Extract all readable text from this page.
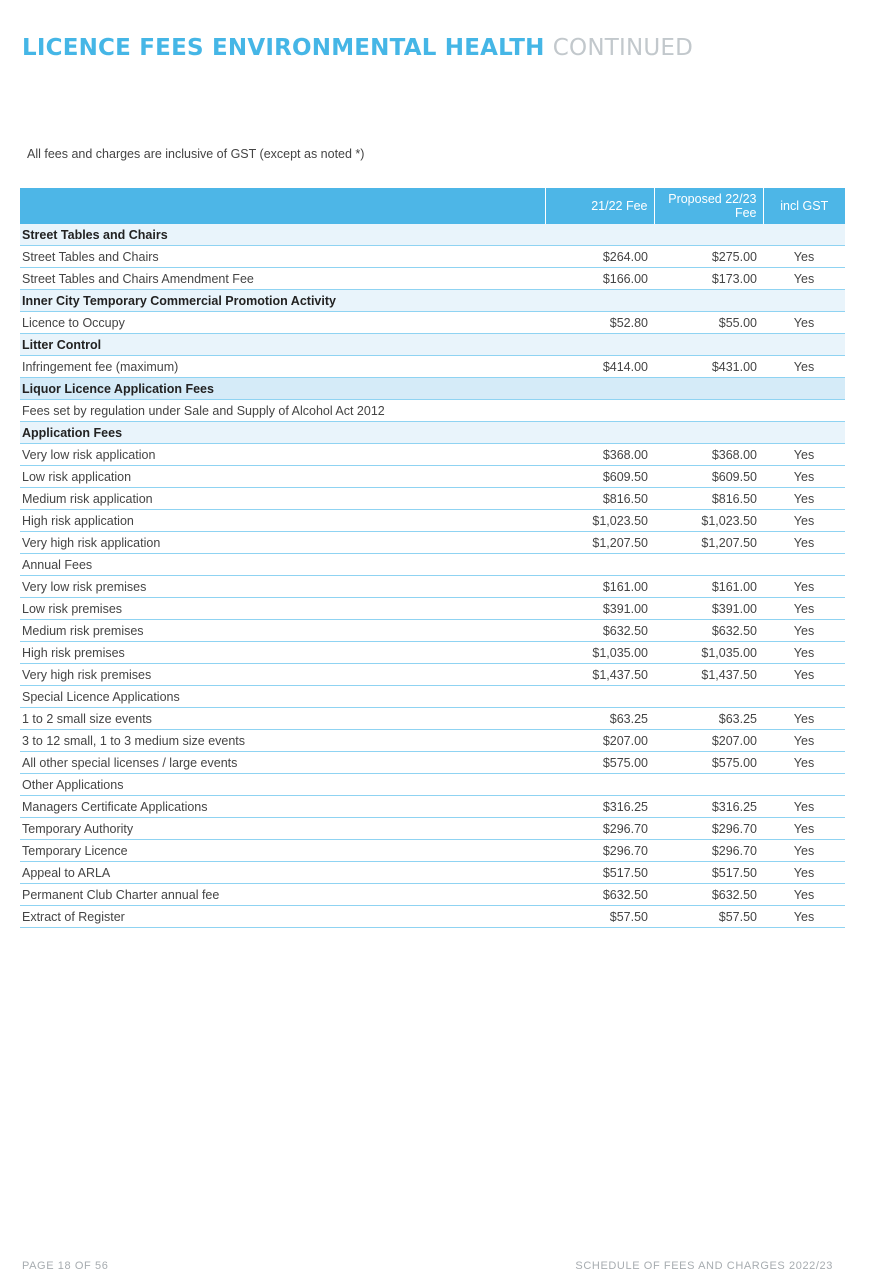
LICENCE FEES ENVIRONMENTAL HEALTH CONTINUED

All fees and charges are inclusive of GST (except as noted *)

	21/22 Fee	Proposed 22/23 Fee	incl GST
Street Tables and Chairs			
Street Tables and Chairs	$264.00	$275.00	Yes
Street Tables and Chairs Amendment Fee	$166.00	$173.00	Yes
Inner City Temporary Commercial Promotion Activity			
Licence to Occupy	$52.80	$55.00	Yes
Litter Control			
Infringement fee (maximum)	$414.00	$431.00	Yes
Liquor Licence Application Fees			
Fees set by regulation under Sale and Supply of Alcohol Act 2012			
Application Fees			
Very low risk application	$368.00	$368.00	Yes
Low risk application	$609.50	$609.50	Yes
Medium risk application	$816.50	$816.50	Yes
High risk application	$1,023.50	$1,023.50	Yes
Very high risk application	$1,207.50	$1,207.50	Yes
Annual Fees			
Very low risk premises	$161.00	$161.00	Yes
Low risk premises	$391.00	$391.00	Yes
Medium risk premises	$632.50	$632.50	Yes
High risk premises	$1,035.00	$1,035.00	Yes
Very high risk premises	$1,437.50	$1,437.50	Yes
Special Licence Applications			
1 to 2 small size events	$63.25	$63.25	Yes
3 to 12 small, 1 to 3 medium size events	$207.00	$207.00	Yes
All other special licenses / large events	$575.00	$575.00	Yes
Other Applications			
Managers Certificate Applications	$316.25	$316.25	Yes
Temporary Authority	$296.70	$296.70	Yes
Temporary Licence	$296.70	$296.70	Yes
Appeal to ARLA	$517.50	$517.50	Yes
Permanent Club Charter annual fee	$632.50	$632.50	Yes
Extract of Register	$57.50	$57.50	Yes
PAGE 18 OF 56	SCHEDULE OF FEES AND CHARGES 2022/23
